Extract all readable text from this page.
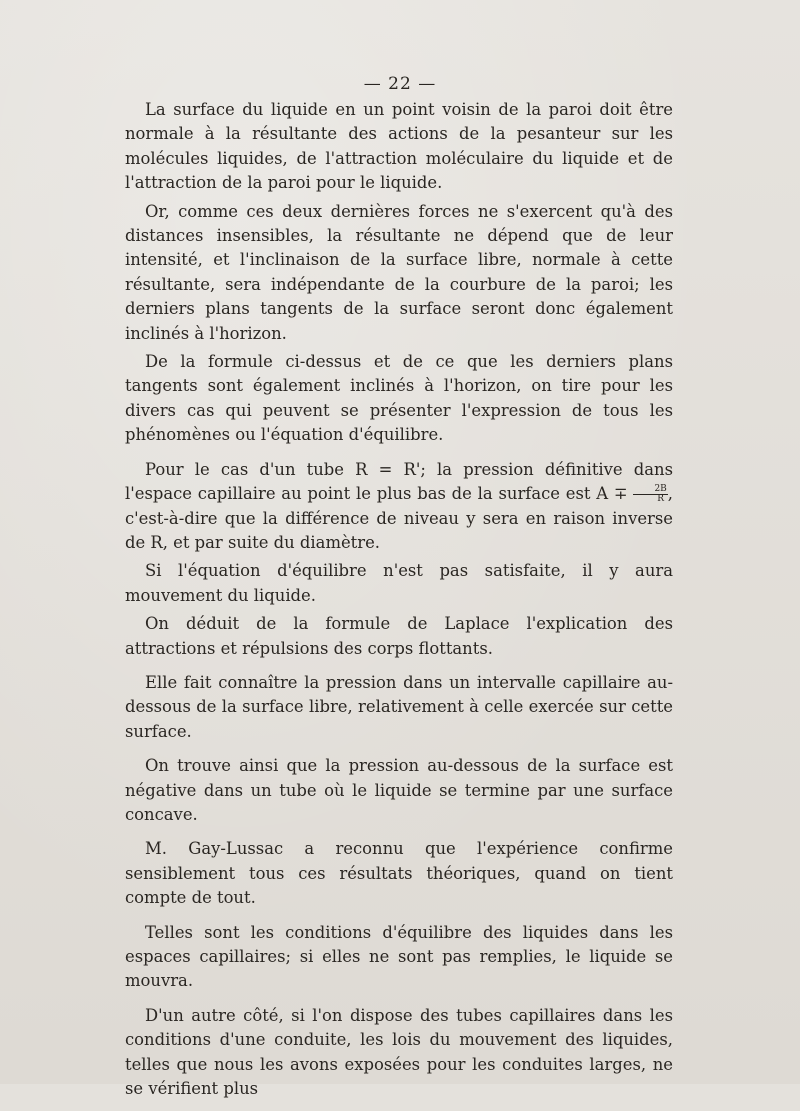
— 22 —

La surface du liquide en un point voisin de la paroi doit être normale à la résultante des actions de la pesanteur sur les molécules liquides, de l'attraction moléculaire du liquide et de l'attraction de la paroi pour le liquide.

Or, comme ces deux dernières forces ne s'exercent qu'à des distances insensibles, la résultante ne dépend que de leur intensité, et l'inclinaison de la surface libre, normale à cette résultante, sera indépendante de la courbure de la paroi; les derniers plans tangents de la surface seront donc également inclinés à l'horizon.

De la formule ci-dessus et de ce que les derniers plans tangents sont également inclinés à l'horizon, on tire pour les divers cas qui peuvent se présenter l'expression de tous les phénomènes ou l'équation d'équilibre.

Pour le cas d'un tube R = R'; la pression définitive dans l'espace capillaire au point le plus bas de la surface est $A \mp \frac{2B}{R}$ , c'est-à-dire que la différence de niveau y sera en raison inverse de R, et par suite du diamètre.

Si l'équation d'équilibre n'est pas satisfaite, il y aura mouvement du liquide.

On déduit de la formule de Laplace l'explication des attractions et répulsions des corps flottants.

Elle fait connaître la pression dans un intervalle capillaire au-dessous de la surface libre, relativement à celle exercée sur cette surface.

On trouve ainsi que la pression au-dessous de la surface est négative dans un tube où le liquide se termine par une surface concave.

M. Gay-Lussac a reconnu que l'expérience confirme sensiblement tous ces résultats théoriques, quand on tient compte de tout.

Telles sont les conditions d'équilibre des liquides dans les espaces capillaires; si elles ne sont pas remplies, le liquide se mouvra.

D'un autre côté, si l'on dispose des tubes capillaires dans les conditions d'une conduite, les lois du mouvement des liquides, telles que nous les avons exposées pour les conduites larges, ne se vérifient plus
